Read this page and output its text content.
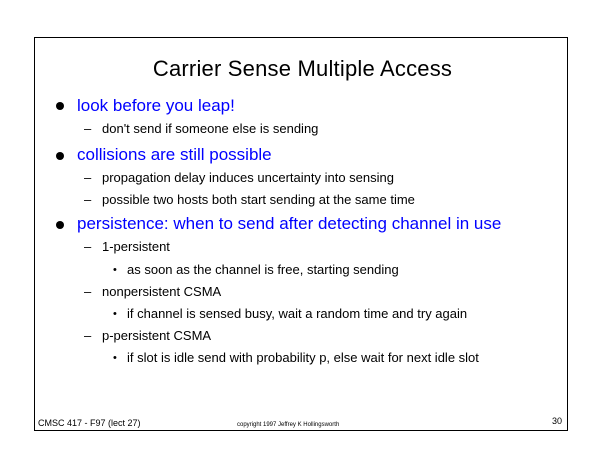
Carrier Sense Multiple Access
look before you leap!
– don't send if someone else is sending
collisions are still possible
– propagation delay induces uncertainty into sensing
– possible two hosts both start sending at the same time
persistence: when to send after detecting channel in use
– 1-persistent
• as soon as the channel is free, starting sending
– nonpersistent CSMA
• if channel is sensed busy, wait a random time and try again
– p-persistent CSMA
• if slot is idle send with probability p, else wait for next idle slot
CMSC 417 - F97 (lect 27)	copyright 1997 Jeffrey K Hollingsworth	30
